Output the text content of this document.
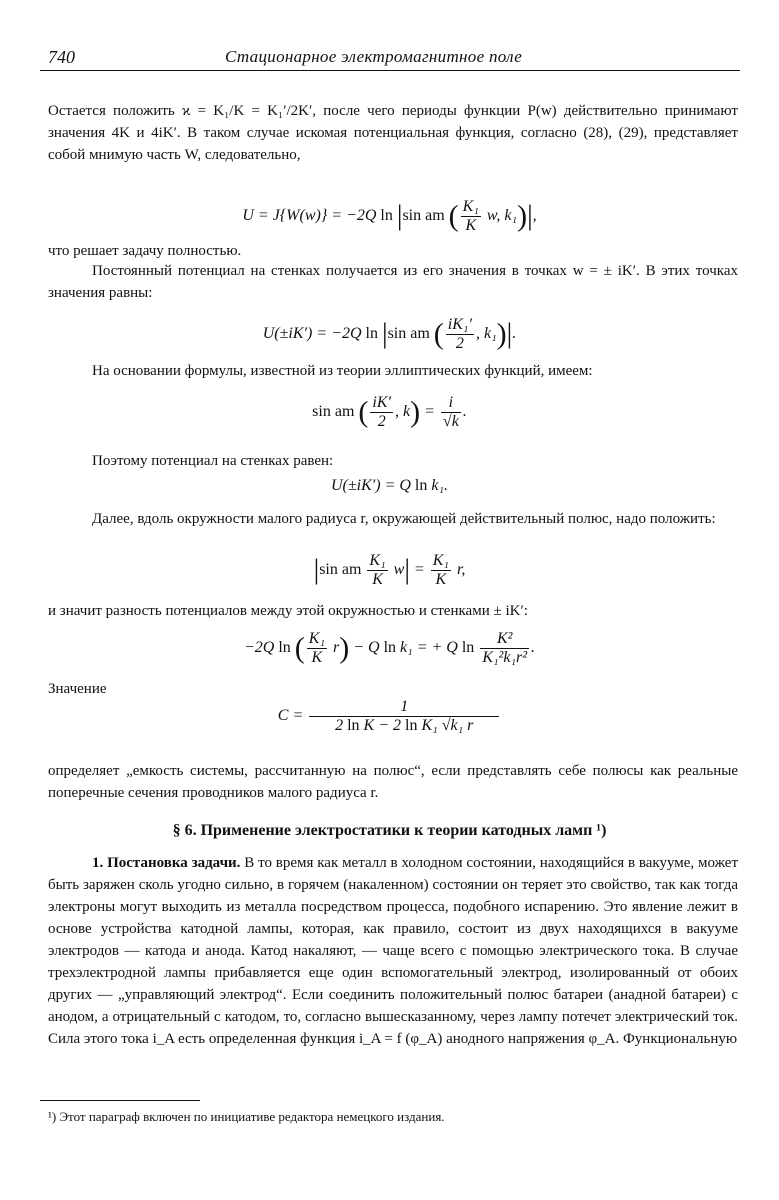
740	Стационарное электромагнитное поле
Остается положить ϰ = K₁/K = K₁′/2K′, после чего периоды функции P(w) действительно принимают значения 4K и 4iK′. В таком случае искомая потенциальная функция, согласно (28), (29), представляет собой мнимую часть W, следовательно,
U = J{W(w)} = −2Q ln |sin am ( $\frac{\text{K₁}}{K} w$, k₁)|,
что решает задачу полностью.
Постоянный потенциал на стенках получается из его значения в точках w = ± iK′. В этих точках значения равны:
U(±iK′) = −2Q ln |sin am ( $\frac{\text{iK₁′}}{2}$ , k₁)|.
На основании формулы, известной из теории эллиптических функций, имеем:
sin am ( $\frac{iK'}{2}$ , $k) = \frac{i}{√k}$ .
Поэтому потенциал на стенках равен:
U(±iK′) = Q ln k₁.
Далее, вдоль окружности малого радиуса r, окружающей действительный полюс, надо положить:
|sin am $\frac{\text{K₁}}{K} w| = \frac{\text{K₁}}{K} r$,
и значит разность потенциалов между этой окружностью и стенками ± iK′:
−2Q ln ( $\frac{\text{K₁}}{K} r) - Q$ ln k₁ = + Q $\ln \frac{\text{K²}}{\text{K₁²k₁r²}}$ .
Значение
$C = \frac{1}{\text{2 ln K − 2 ln K₁ √k₁ r}}$
определяет „емкость системы, рассчитанную на полюс“, если представлять себе полюсы как реальные поперечные сечения проводников малого радиуса r.
§ 6. Применение электростатики к теории катодных ламп ¹)
1. Постановка задачи. В то время как металл в холодном состоянии, находящийся в вакууме, может быть заряжен сколь угодно сильно, в горячем (накаленном) состоянии он теряет это свойство, так как тогда электроны могут выходить из металла посредством процесса, подобного испарению. Это явление лежит в основе устройства катодной лампы, которая, как правило, состоит из двух находящихся в вакууме электродов — катода и анода. Катод накаляют, — чаще всего с помощью электрического тока. В случае трехэлектродной лампы прибавляется еще один вспомогательный электрод, изолированный от обоих других — „управляющий электрод“. Если соединить положительный полюс батареи (анадной батареи) с анодом, а отрицательный с катодом, то, согласно вышесказанному, через лампу потечет электрический ток. Сила этого тока i_A есть определенная функция i_A = f (φ_A) анодного напряжения φ_A. Функциональную
¹) Этот параграф включен по инициативе редактора немецкого издания.
